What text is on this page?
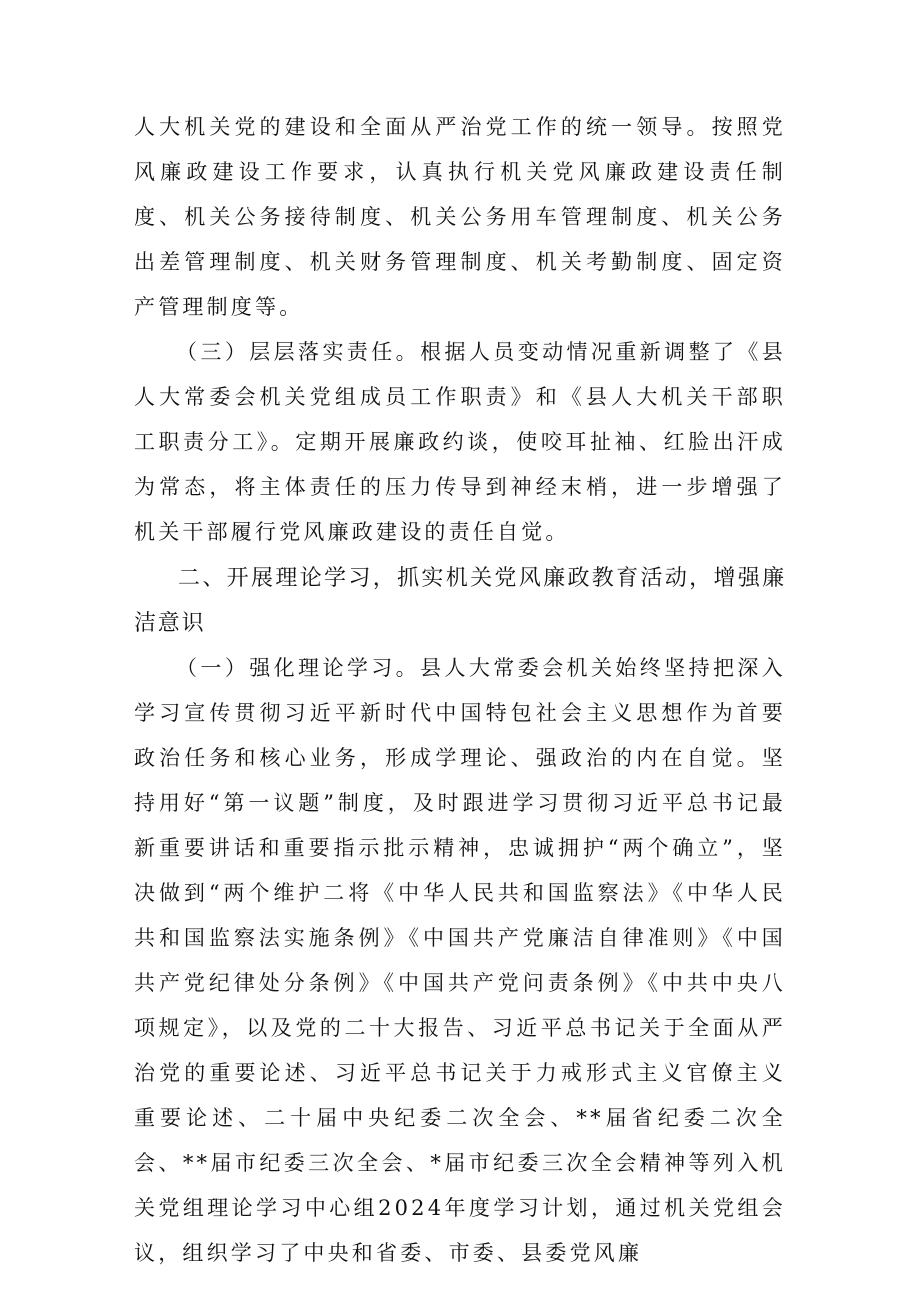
人大机关党的建设和全面从严治党工作的统一领导。按照党风廉政建设工作要求，认真执行机关党风廉政建设责任制度、机关公务接待制度、机关公务用车管理制度、机关公务出差管理制度、机关财务管理制度、机关考勤制度、固定资产管理制度等。

（三）层层落实责任。根据人员变动情况重新调整了《县人大常委会机关党组成员工作职责》和《县人大机关干部职工职责分工》。定期开展廉政约谈，使咬耳扯袖、红脸出汗成为常态，将主体责任的压力传导到神经末梢，进一步增强了机关干部履行党风廉政建设的责任自觉。

二、开展理论学习，抓实机关党风廉政教育活动，增强廉洁意识

（一）强化理论学习。县人大常委会机关始终坚持把深入学习宣传贯彻习近平新时代中国特包社会主义思想作为首要政治任务和核心业务，形成学理论、强政治的内在自觉。坚持用好“第一议题”制度，及时跟进学习贯彻习近平总书记最新重要讲话和重要指示批示精神，忠诚拥护“两个确立”，坚决做到“两个维护二将《中华人民共和国监察法》《中华人民共和国监察法实施条例》《中国共产党廉洁自律准则》《中国共产党纪律处分条例》《中国共产党问责条例》《中共中央八项规定》，以及党的二十大报告、习近平总书记关于全面从严治党的重要论述、习近平总书记关于力戒形式主义官僚主义重要论述、二十届中央纪委二次全会、**届省纪委二次全会、**届市纪委三次全会、*届市纪委三次全会精神等列入机关党组理论学习中心组2024年度学习计划，通过机关党组会议，组织学习了中央和省委、市委、县委党风廉
